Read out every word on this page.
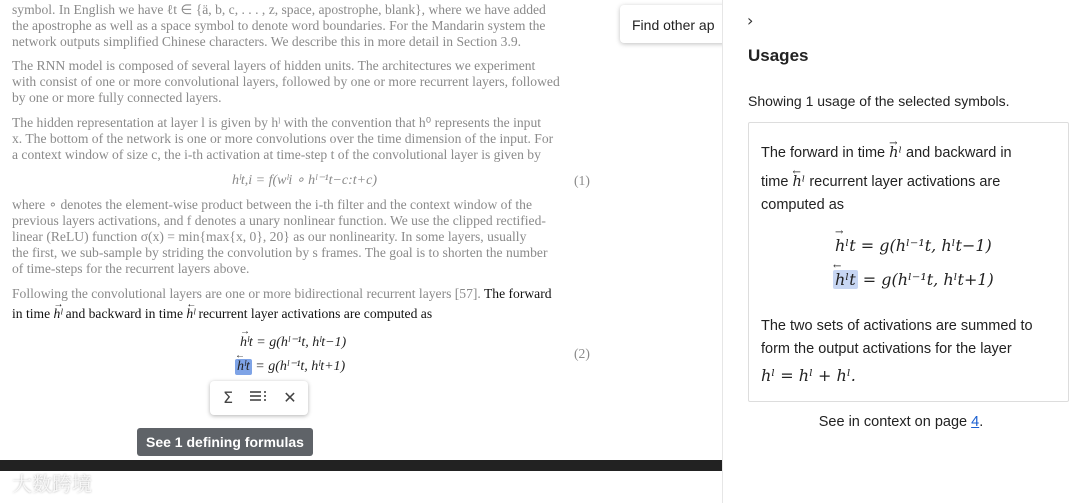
symbol. In English we have ℓt ∈ {ä, b, c, . . . , z, space, apostrophe, blank}, where we have added
the apostrophe as well as a space symbol to denote word boundaries. For the Mandarin system the
network outputs simplified Chinese characters. We describe this in more detail in Section 3.9.
The RNN model is composed of several layers of hidden units. The architectures we experiment
with consist of one or more convolutional layers, followed by one or more recurrent layers, followed
by one or more fully connected layers.
The hidden representation at layer l is given by hˡ with the convention that h⁰ represents the input
x. The bottom of the network is one or more convolutions over the time dimension of the input. For
a context window of size c, the i-th activation at time-step t of the convolutional layer is given by
hˡt,i = f(wˡi ∘ hˡ⁻¹t−c:t+c)	(1)
where ∘ denotes the element-wise product between the i-th filter and the context window of the
previous layers activations, and f denotes a unary nonlinear function. We use the clipped rectified-
linear (ReLU) function σ(x) = min{max{x, 0}, 20} as our nonlinearity. In some layers, usually
the first, we sub-sample by striding the convolution by s frames. The goal is to shorten the number
of time-steps for the recurrent layers above.
Following the convolutional layers are one or more bidirectional recurrent layers [57]. The forward
in time → hˡ and backward in time ← hˡ recurrent layer activations are computed as
→ hˡt = g(hˡ⁻¹t, hˡt−1)
← hˡt = g(hˡ⁻¹t, hˡt+1)
(2)
Σ	✕
See 1 defining formulas
Find other ap
大数跨境
›
Usages
Showing 1 usage of the selected symbols.
The forward in time → hˡ and backward in
time ← hˡ recurrent layer activations are
computed as
→ hˡt = g(hˡ⁻¹t, hˡt−1)
← hˡt = g(hˡ⁻¹t, hˡt+1)
The two sets of activations are summed to
form the output activations for the layer
hˡ = hˡ + hˡ.
See in context on page 4.
